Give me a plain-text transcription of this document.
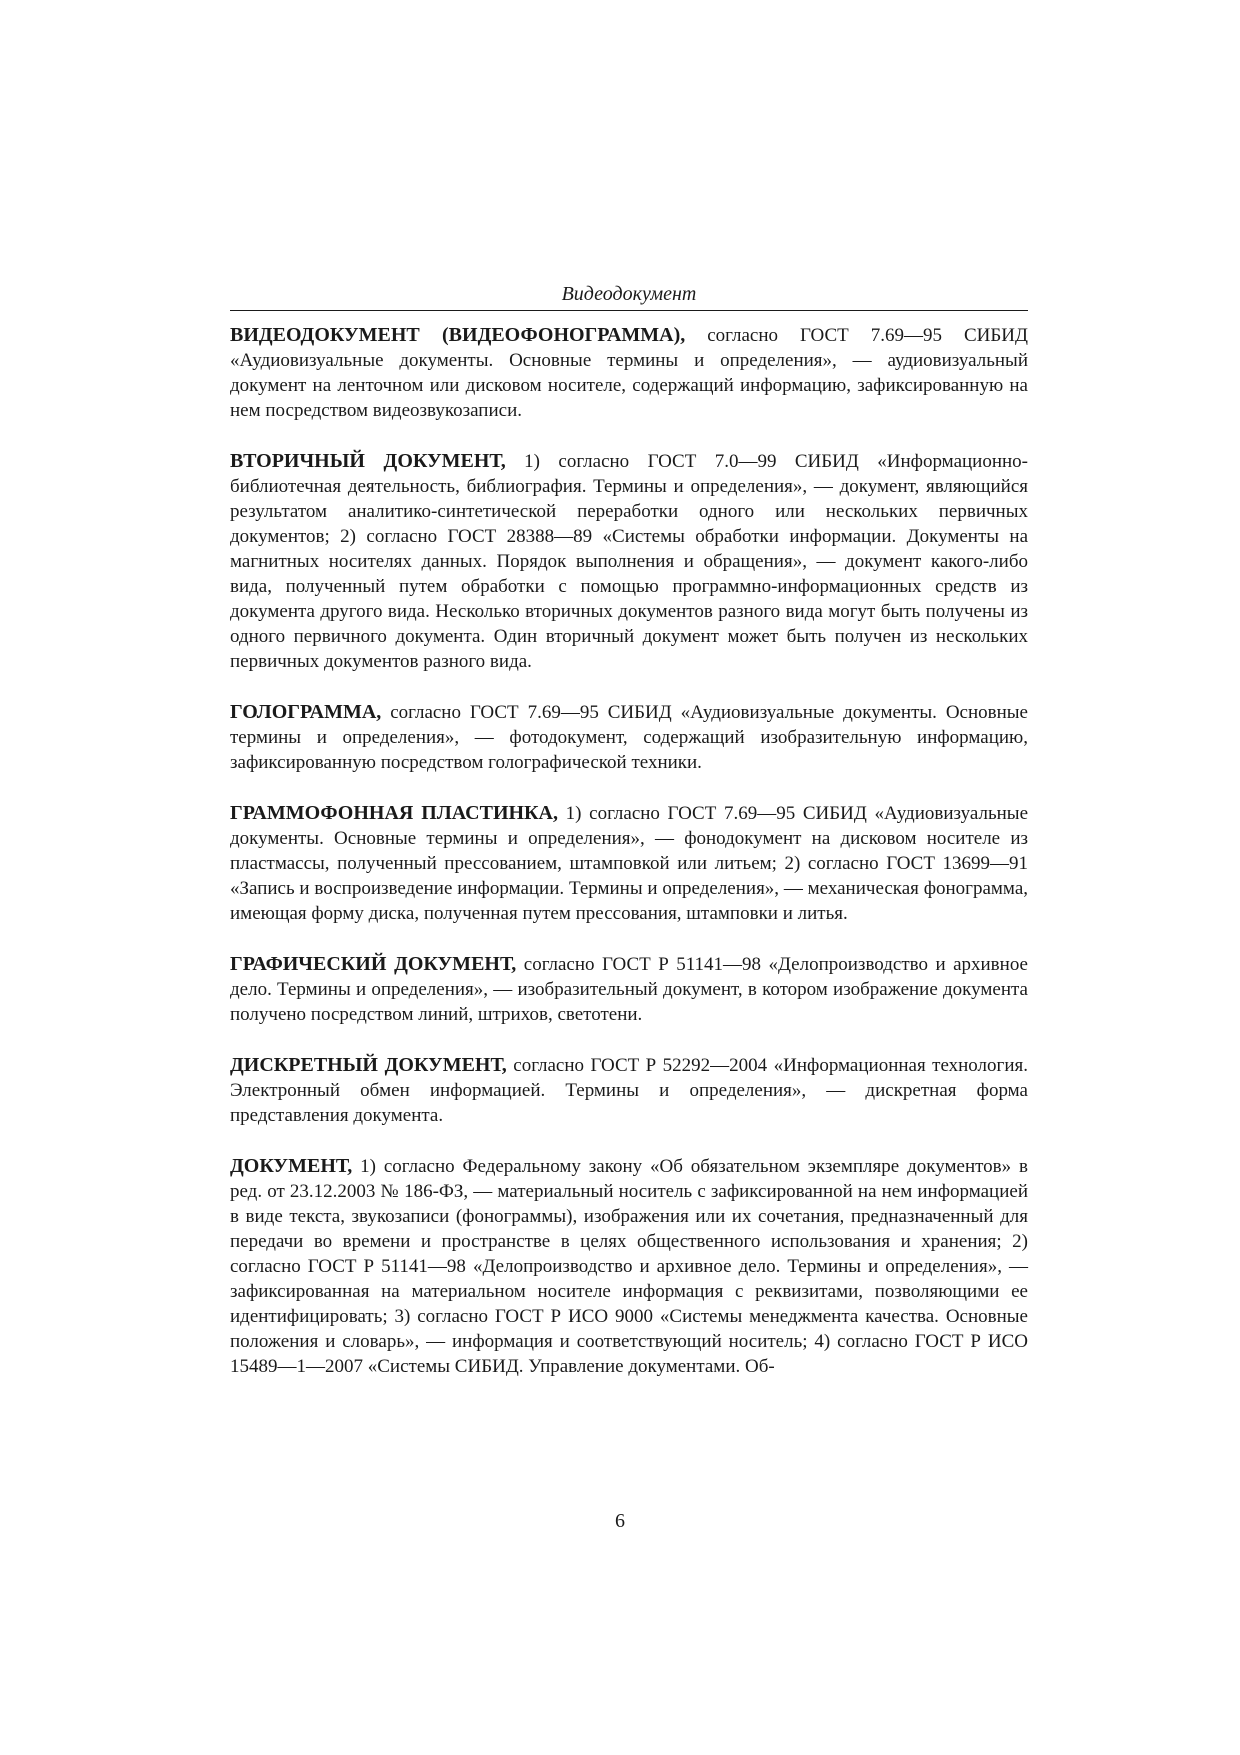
Видеодокумент

ВИДЕОДОКУМЕНТ (ВИДЕОФОНОГРАММА), согласно ГОСТ 7.69—95 СИБИД «Аудиовизуальные документы. Основные термины и определения», — аудиовизуальный документ на ленточном или дисковом носителе, содержащий информацию, зафиксированную на нем посредством видеозвукозаписи.

ВТОРИЧНЫЙ ДОКУМЕНТ, 1) согласно ГОСТ 7.0—99 СИБИД «Информационно-библиотечная деятельность, библиография. Термины и определения», — документ, являющийся результатом аналитико-синтетической переработки одного или нескольких первичных документов; 2) согласно ГОСТ 28388—89 «Системы обработки информации. Документы на магнитных носителях данных. Порядок выполнения и обращения», — документ какого-либо вида, полученный путем обработки с помощью программно-информационных средств из документа другого вида. Несколько вторичных документов разного вида могут быть получены из одного первичного документа. Один вторичный документ может быть получен из нескольких первичных документов разного вида.

ГОЛОГРАММА, согласно ГОСТ 7.69—95 СИБИД «Аудиовизуальные документы. Основные термины и определения», — фотодокумент, содержащий изобразительную информацию, зафиксированную посредством голографической техники.

ГРАММОФОННАЯ ПЛАСТИНКА, 1) согласно ГОСТ 7.69—95 СИБИД «Аудиовизуальные документы. Основные термины и определения», — фонодокумент на дисковом носителе из пластмассы, полученный прессованием, штамповкой или литьем; 2) согласно ГОСТ 13699—91 «Запись и воспроизведение информации. Термины и определения», — механическая фонограмма, имеющая форму диска, полученная путем прессования, штамповки и литья.

ГРАФИЧЕСКИЙ ДОКУМЕНТ, согласно ГОСТ Р 51141—98 «Делопроизводство и архивное дело. Термины и определения», — изобразительный документ, в котором изображение документа получено посредством линий, штрихов, светотени.

ДИСКРЕТНЫЙ ДОКУМЕНТ, согласно ГОСТ Р 52292—2004 «Информационная технология. Электронный обмен информацией. Термины и определения», — дискретная форма представления документа.

ДОКУМЕНТ, 1) согласно Федеральному закону «Об обязательном экземпляре документов» в ред. от 23.12.2003 № 186-ФЗ, — материальный носитель с зафиксированной на нем информацией в виде текста, звукозаписи (фонограммы), изображения или их сочетания, предназначенный для передачи во времени и пространстве в целях общественного использования и хранения; 2) согласно ГОСТ Р 51141—98 «Делопроизводство и архивное дело. Термины и определения», — зафиксированная на материальном носителе информация с реквизитами, позволяющими ее идентифицировать; 3) согласно ГОСТ Р ИСО 9000 «Системы менеджмента качества. Основные положения и словарь», — информация и соответствующий носитель; 4) согласно ГОСТ Р ИСО 15489—1—2007 «Системы СИБИД. Управление документами. Об-

6
